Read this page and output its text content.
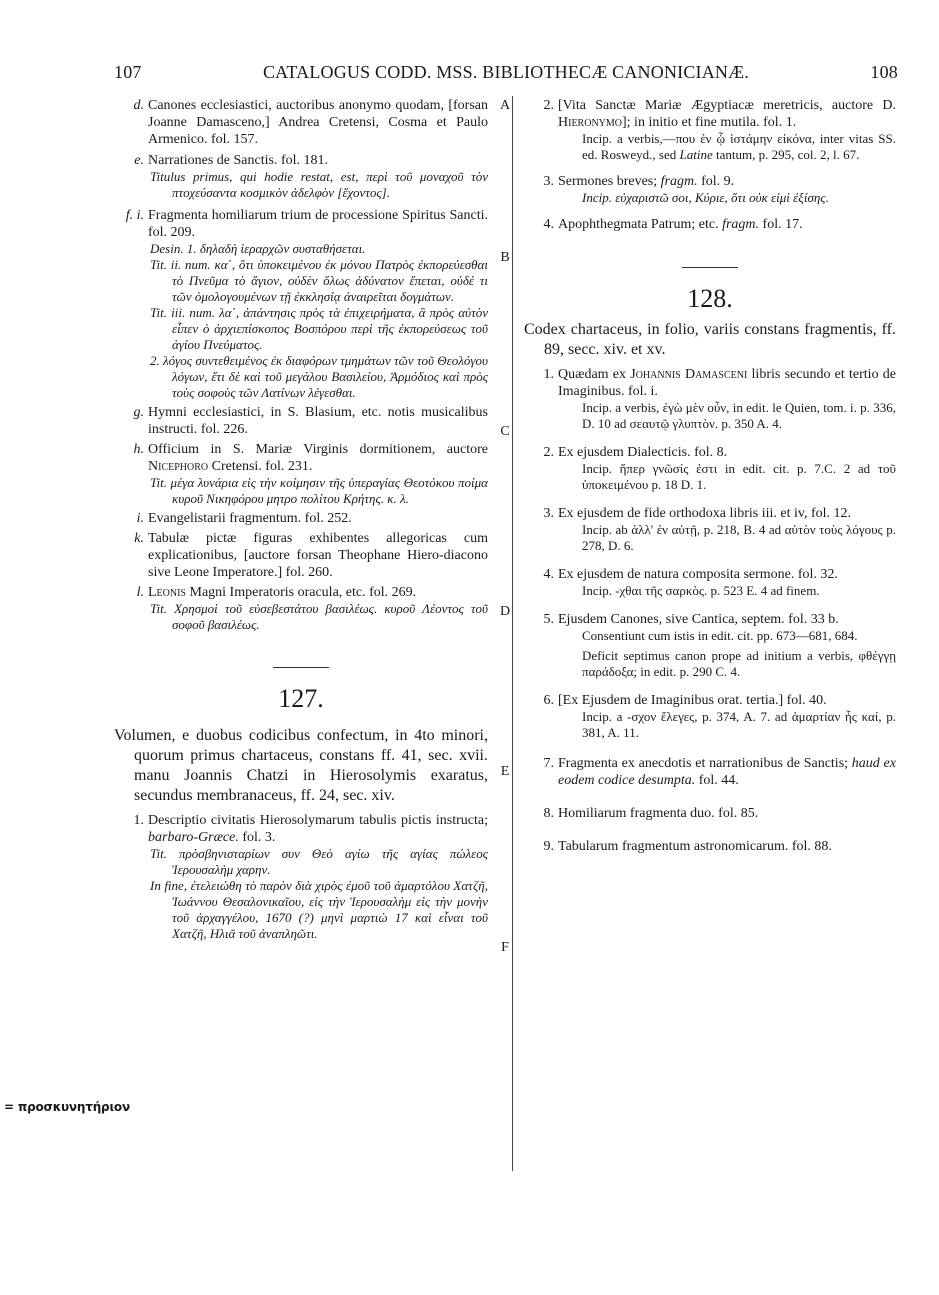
107	CATALOGUS CODD. MSS. BIBLIOTHECÆ CANONICIANÆ.	108
A
B
C
D
E
F
d. Canones ecclesiastici, auctoribus anonymo quodam, [forsan Joanne Damasceno,] Andrea Cretensi, Cosma et Paulo Armenico. fol. 157.
e. Narrationes de Sanctis. fol. 181.
Titulus primus, qui hodie restat, est, περὶ τοῦ μοναχοῦ τὸν πτοχεύσαντα κοσμικὸν ἀδελφὸν [ἔχοντος].
f. i. Fragmenta homiliarum trium de processione Spiritus Sancti. fol. 209.
Desin. 1. δηλαδὴ ἱεραρχῶν συσταθήσεται.
Tit. ii. num. κα΄, ὅτι ὑποκειμένου ἐκ μόνου Πατρὸς ἐκπορεύεσθαι τὸ Πνεῦμα τὸ ἅγιον, οὐδὲν ὅλως ἀδύνατον ἕπεται, οὐδέ τι τῶν ὁμολογουμένων τῇ ἐκκλησίᾳ ἀναιρεῖται δογμάτων.
Tit. iii. num. λα΄, ἀπάντησις πρὸς τὰ ἐπιχειρήματα, ἃ πρὸς αὐτὸν εἶπεν ὁ ἀρχιεπίσκοπος Βοσπόρου περὶ τῆς ἐκπορεύσεως τοῦ ἁγίου Πνεύματος.
2. λόγος συντεθειμένος ἐκ διαφόρων τμημάτων τῶν τοῦ Θεολόγου λόγων, ἔτι δὲ καὶ τοῦ μεγάλου Βασιλείου, Ἁρμόδιος καὶ πρὸς τοὺς σοφοὺς τῶν Λατίνων λέγεσθαι.
g. Hymni ecclesiastici, in S. Blasium, etc. notis musicalibus instructi. fol. 226.
h. Officium in S. Mariæ Virginis dormitionem, auctore Nicephoro Cretensi. fol. 231.
Tit. μέγα λυνάρια εἰς τὴν κοίμησιν τῆς ὑπεραγίας Θεοτόκου ποίμα κυροῦ Νικηφόρου μητρο πολίτου Κρήτης. κ. λ.
i. Evangelistarii fragmentum. fol. 252.
k. Tabulæ pictæ figuras exhibentes allegoricas cum explicationibus, [auctore forsan Theophane Hiero-diacono sive Leone Imperatore.] fol. 260.
l. Leonis Magni Imperatoris oracula, etc. fol. 269.
Tit. Χρησμοὶ τοῦ εὐσεβεστάτου βασιλέως. κυροῦ Λέοντος τοῦ σοφοῦ βασιλέως.
127.
Volumen, e duobus codicibus confectum, in 4to minori, quorum primus chartaceus, constans ff. 41, sec. xvii. manu Joannis Chatzi in Hierosolymis exaratus, secundus membranaceus, ff. 24, sec. xiv.
1. Descriptio civitatis Hierosolymarum tabulis pictis instructa; barbaro-Græce. fol. 3.
Tit. πρὸσβηνισταρίων συν Θεὸ αγίω τῆς αγίας πώλεος Ἱερουσαλὴμ χαρην.
In fine, ἐτελειώθη τὸ παρὸν διὰ χιρὸς ἐμοῦ τοῦ ἁμαρτόλου Χατζῆ, Ἰωάννου Θεσαλονικαῖου, εἰς τὴν Ἱερουσαλὴμ εἰς τὴν μονὴν τοῦ ἀρχαγγέλου, 1670 (?) μηνὶ μαρτιὼ 17 καὶ εἶναι τοῦ Χατζῆ, Ηλιᾶ τοῦ ἀναπληῶτι.
= προσκυνητήριον
2. [Vita Sanctæ Mariæ Ægyptiacæ meretricis, auctore D. Hieronymo]; in initio et fine mutila. fol. 1.
Incip. a verbis,—που ἐν ᾧ ἱστάμην εἰκόνα, inter vitas SS. ed. Rosweyd., sed Latine tantum, p. 295, col. 2, l. 67.
3. Sermones breves; fragm. fol. 9.
Incip. εὐχαριστῶ σοι, Κύριε, ὅτι οὐκ εἰμὶ ἐξίσης.
4. Apophthegmata Patrum; etc. fragm. fol. 17.
128.
Codex chartaceus, in folio, variis constans fragmentis, ff. 89, secc. xiv. et xv.
1. Quædam ex Johannis Damasceni libris secundo et tertio de Imaginibus. fol. i.
Incip. a verbis, ἐγὼ μὲν οὖν, in edit. le Quien, tom. i. p. 336, D. 10 ad σεαυτῷ γλυπτὸν. p. 350 A. 4.
2. Ex ejusdem Dialecticis. fol. 8.
Incip. ἥπερ γνῶσίς ἐστι in edit. cit. p. 7.C. 2 ad τοῦ ὑποκειμένου p. 18 D. 1.
3. Ex ejusdem de fide orthodoxa libris iii. et iv, fol. 12.
Incip. ab ἀλλ' ἐν αὐτῇ, p. 218, B. 4 ad αὐτὸν τοὺς λόγους p. 278, D. 6.
4. Ex ejusdem de natura composita sermone. fol. 32.
Incip. -χθαι τῆς σαρκὸς. p. 523 E. 4 ad finem.
5. Ejusdem Canones, sive Cantica, septem. fol. 33 b.
Consentiunt cum istis in edit. cit. pp. 673—681, 684.
Deficit septimus canon prope ad initium a verbis, φθέγγῃ παράδοξα; in edit. p. 290 C. 4.
6. [Ex Ejusdem de Imaginibus orat. tertia.] fol. 40.
Incip. a -σχον ἔλεγες, p. 374, A. 7. ad ἁμαρτίαν ἧς καί, p. 381, A. 11.
7. Fragmenta ex anecdotis et narrationibus de Sanctis; haud ex eodem codice desumpta. fol. 44.
8. Homiliarum fragmenta duo. fol. 85.
9. Tabularum fragmentum astronomicarum. fol. 88.
